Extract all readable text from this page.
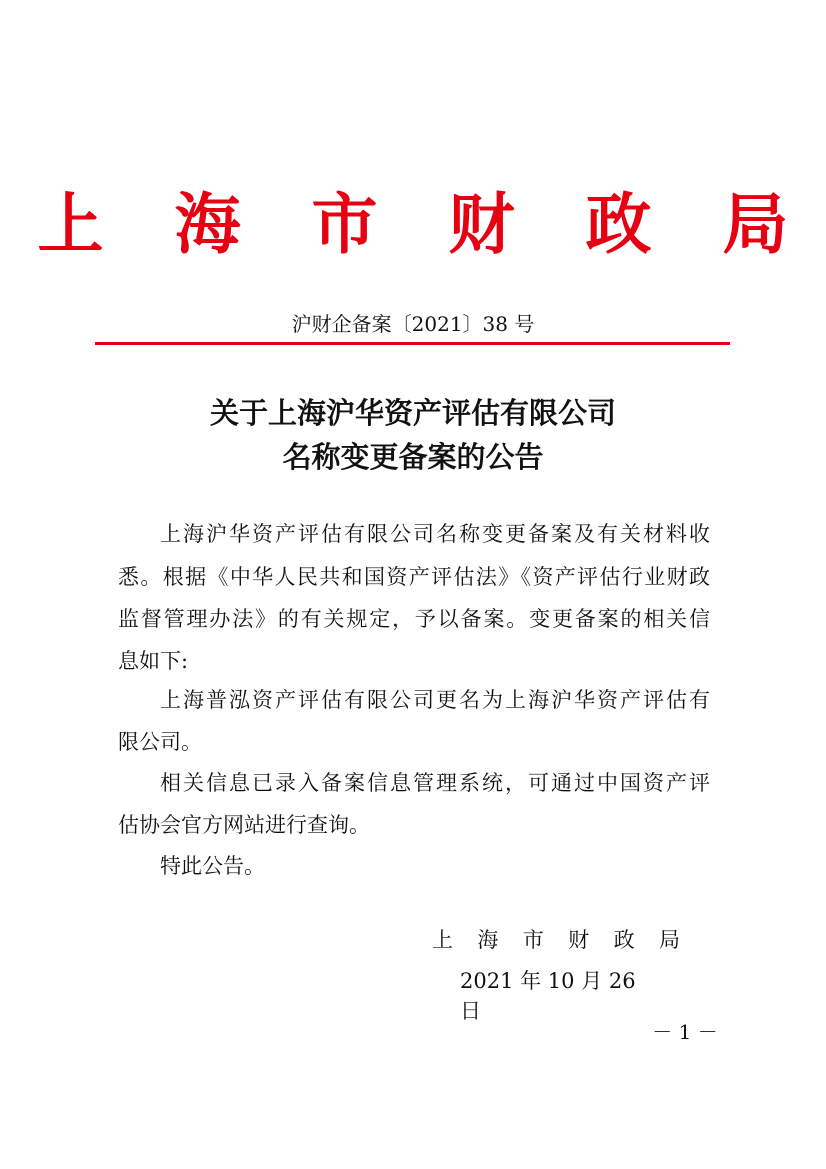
上 海 市 财 政 局
沪财企备案〔2021〕38 号
关于上海沪华资产评估有限公司
名称变更备案的公告
上海沪华资产评估有限公司名称变更备案及有关材料收
悉。根据《中华人民共和国资产评估法》《资产评估行业财政
监督管理办法》的有关规定，予以备案。变更备案的相关信
息如下:
上海普泓资产评估有限公司更名为上海沪华资产评估有
限公司。
相关信息已录入备案信息管理系统，可通过中国资产评
估协会官方网站进行查询。
特此公告。
上 海 市 财 政 局
2021 年 10 月 26 日
－ 1 －
